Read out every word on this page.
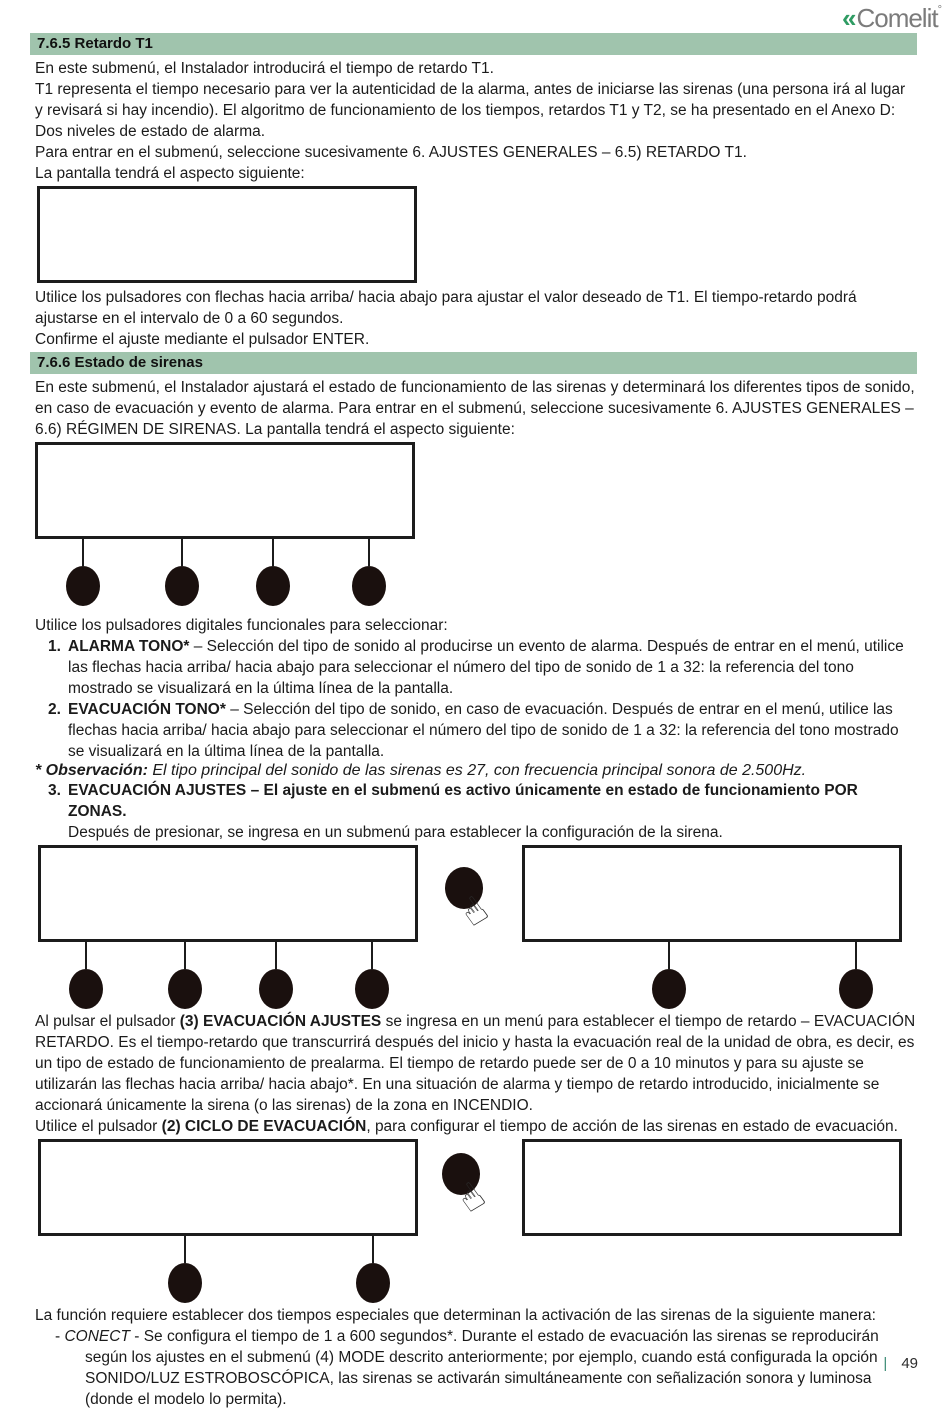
« Comelit°
7.6.5 Retardo T1

En este submenú, el Instalador introducirá el tiempo de retardo T1.

T1 representa el tiempo necesario para ver la autenticidad de la alarma, antes de iniciarse las sirenas (una persona irá al lugar y revisará si hay incendio). El algoritmo de funcionamiento de los tiempos, retardos T1 y T2, se ha presentado en el Anexo D: Dos niveles de estado de alarma.

Para entrar en el submenú, seleccione sucesivamente 6. AJUSTES GENERALES – 6.5) RETARDO T1.

La pantalla tendrá el aspecto siguiente:

Utilice los pulsadores con flechas hacia arriba/ hacia abajo para ajustar el valor deseado de T1. El tiempo-retardo podrá ajustarse en el intervalo de 0 a 60 segundos.

Confirme el ajuste mediante el pulsador ENTER.

7.6.6 Estado de sirenas

En este submenú, el Instalador ajustará el estado de funcionamiento de las sirenas y determinará los diferentes tipos de sonido, en caso de evacuación y evento de alarma. Para entrar en el submenú, seleccione sucesivamente 6. AJUSTES GENERALES – 6.6) RÉGIMEN DE SIRENAS. La pantalla tendrá el aspecto siguiente:

Utilice los pulsadores digitales funcionales para seleccionar:

1. ALARMA TONO* – Selección del tipo de sonido al producirse un evento de alarma. Después de entrar en el menú, utilice las flechas hacia arriba/ hacia abajo para seleccionar el número del tipo de sonido de 1 a 32: la referencia del tono mostrado se visualizará en la última línea de la pantalla.
2. EVACUACIÓN TONO* – Selección del tipo de sonido, en caso de evacuación. Después de entrar en el menú, utilice las flechas hacia arriba/ hacia abajo para seleccionar el número del tipo de sonido de 1 a 32: la referencia del tono mostrado se visualizará en la última línea de la pantalla.
* Observación: El tipo principal del sonido de las sirenas es 27, con frecuencia principal sonora de 2.500Hz.
3. EVACUACIÓN AJUSTES – El ajuste en el submenú es activo únicamente en estado de funcionamiento POR ZONAS.
Después de presionar, se ingresa en un submenú para establecer la configuración de la sirena.
☝

Al pulsar el pulsador (3) EVACUACIÓN AJUSTES se ingresa en un menú para establecer el tiempo de retardo – EVACUACIÓN RETARDO. Es el tiempo-retardo que transcurrirá después del inicio y hasta la evacuación real de la unidad de obra, es decir, es un tipo de estado de funcionamiento de prealarma. El tiempo de retardo puede ser de 0 a 10 minutos y para su ajuste se utilizarán las flechas hacia arriba/ hacia abajo*. En una situación de alarma y tiempo de retardo introducido, inicialmente se accionará únicamente la sirena (o las sirenas) de la zona en INCENDIO.

Utilice el pulsador (2) CICLO DE EVACUACIÓN, para configurar el tiempo de acción de las sirenas en estado de evacuación.

☝

La función requiere establecer dos tiempos especiales que determinan la activación de las sirenas de la siguiente manera:

- CONECT - Se configura el tiempo de 1 a 600 segundos*. Durante el estado de evacuación las sirenas se reproducirán según los ajustes en el submenú (4) MODE descrito anteriormente; por ejemplo, cuando está configurada la opción SONIDO/LUZ ESTROBOSCÓPICA, las sirenas se activarán simultáneamente con señalización sonora y luminosa (donde el modelo lo permita).
| 49
